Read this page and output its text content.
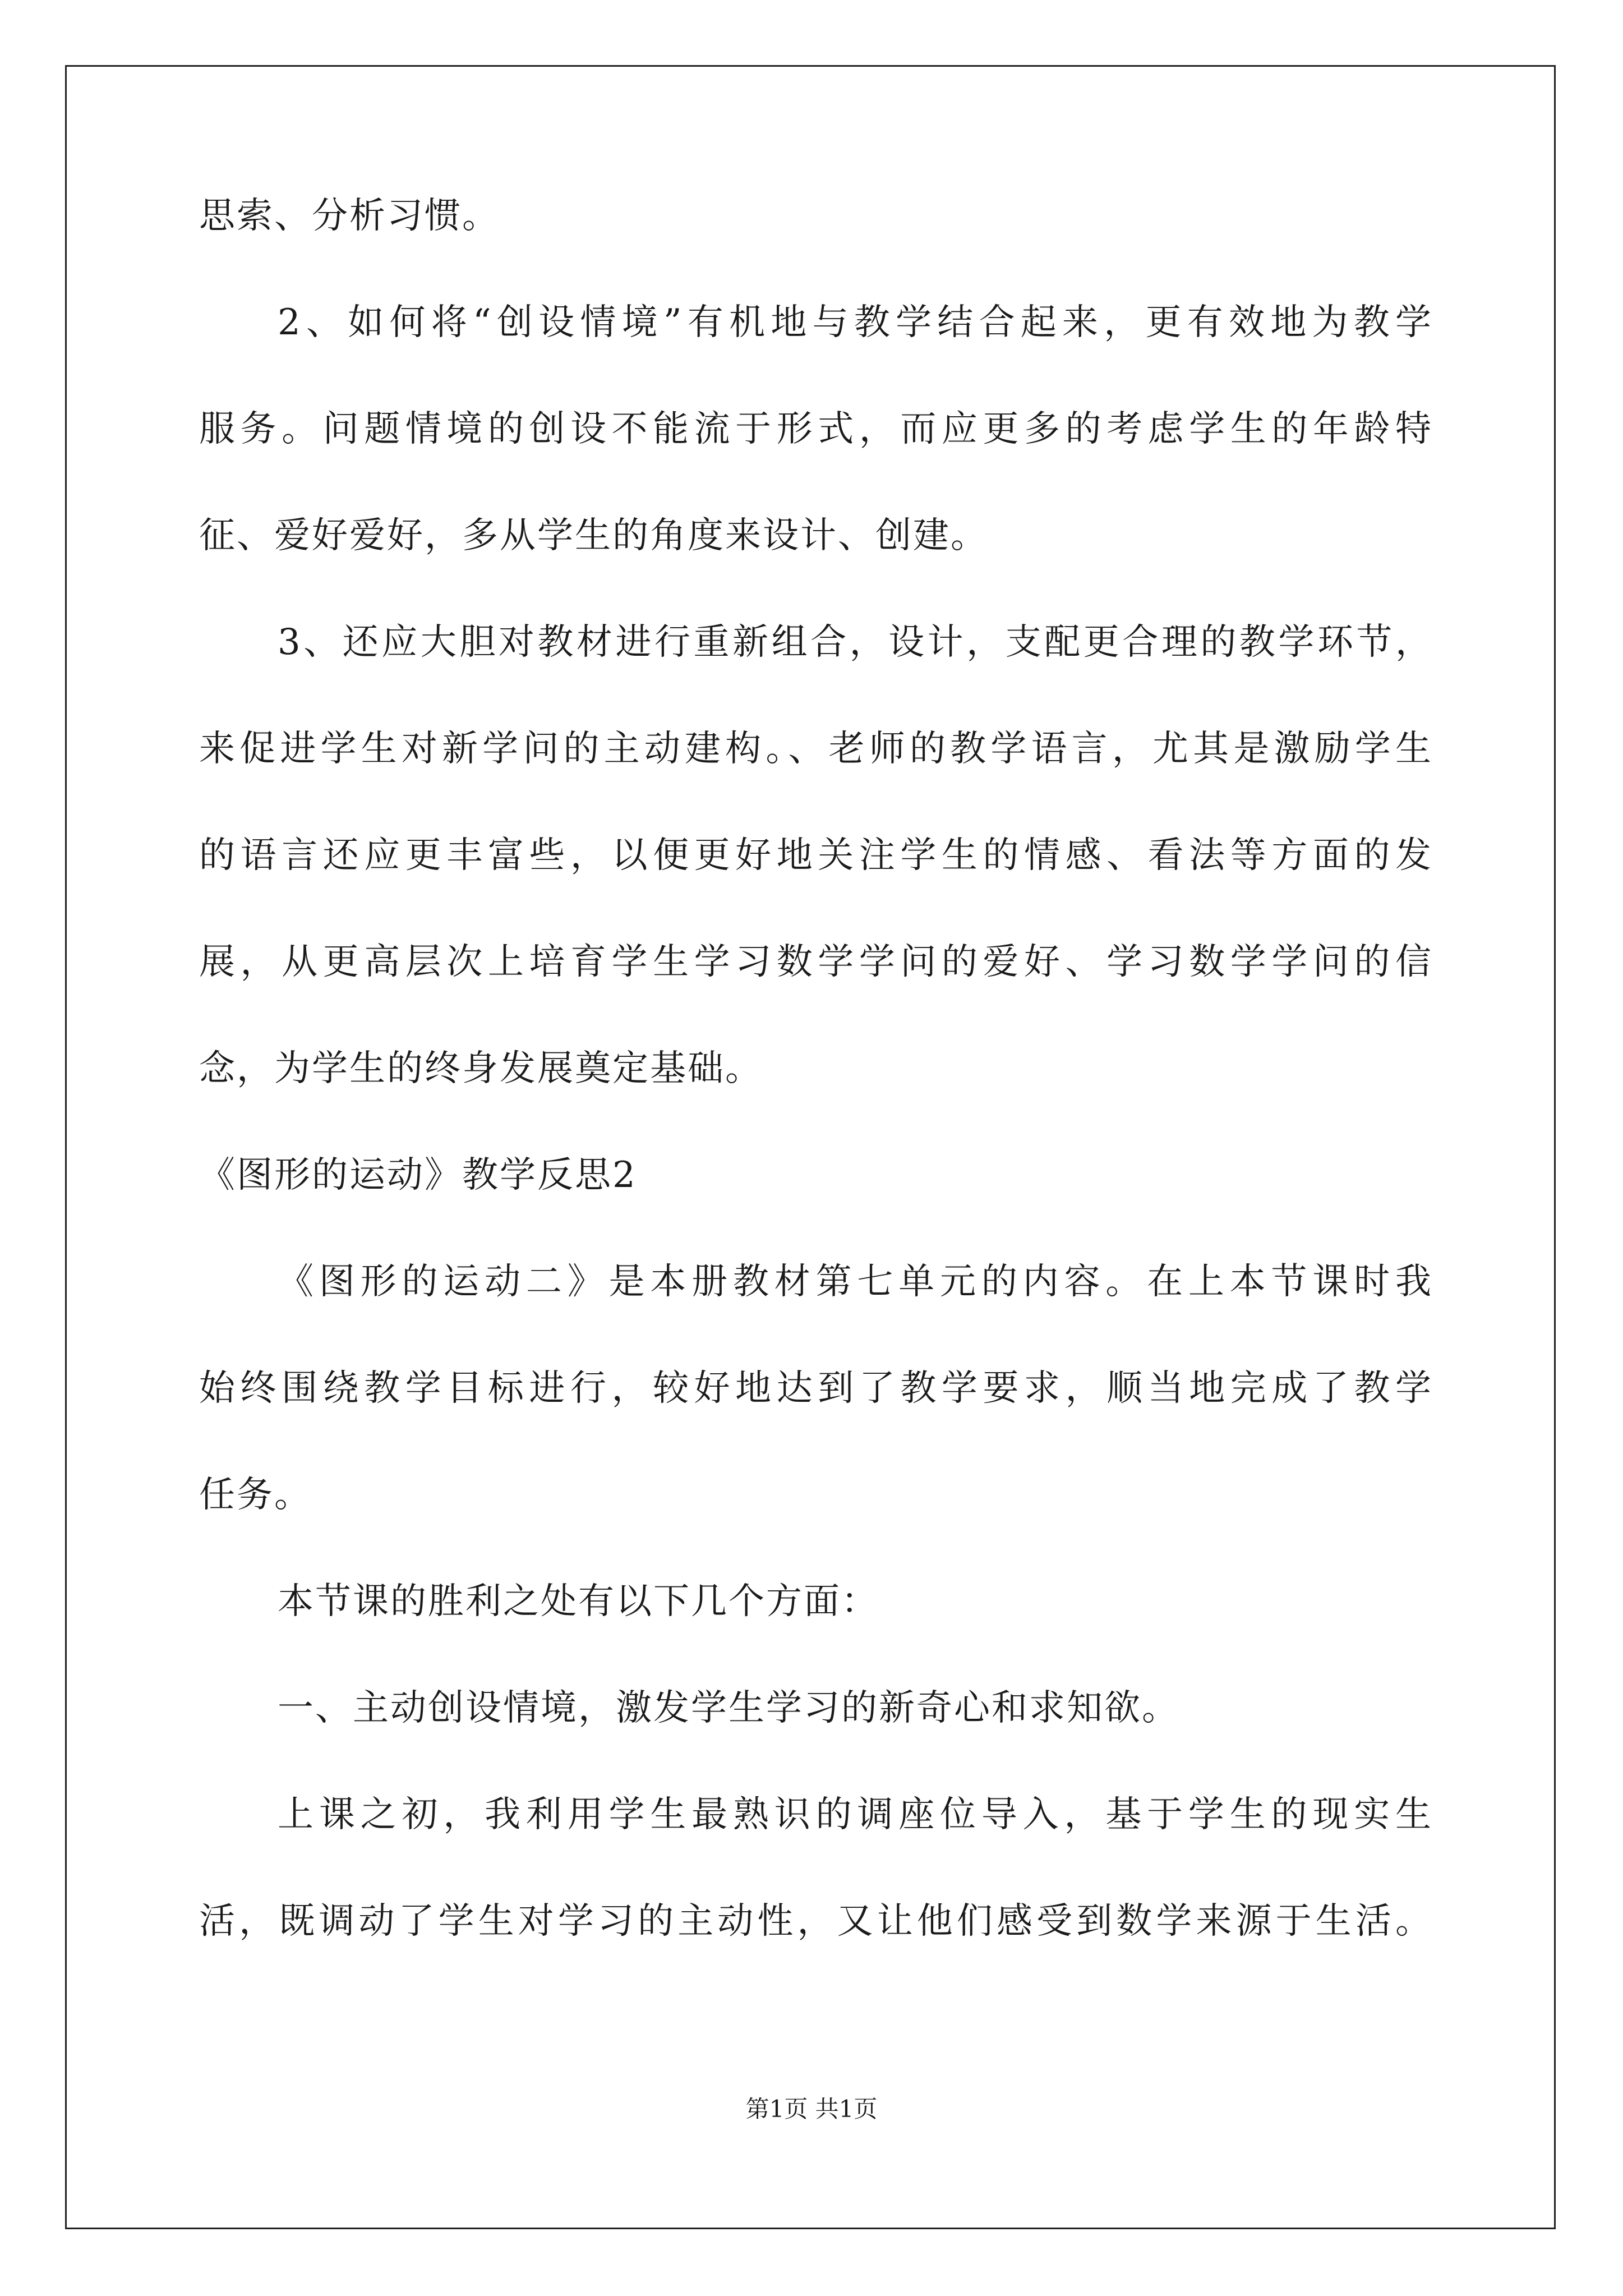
思索、分析习惯。
2、如何将“创设情境”有机地与教学结合起来，更有效地为教学
服务。问题情境的创设不能流于形式，而应更多的考虑学生的年龄特
征、爱好爱好，多从学生的角度来设计、创建。
3、还应大胆对教材进行重新组合，设计，支配更合理的教学环节，
来促进学生对新学问的主动建构。、老师的教学语言，尤其是激励学生
的语言还应更丰富些，以便更好地关注学生的情感、看法等方面的发
展，从更高层次上培育学生学习数学学问的爱好、学习数学学问的信
念，为学生的终身发展奠定基础。
《图形的运动》教学反思2
《图形的运动二》是本册教材第七单元的内容。在上本节课时我
始终围绕教学目标进行，较好地达到了教学要求，顺当地完成了教学
任务。
本节课的胜利之处有以下几个方面：
一、主动创设情境，激发学生学习的新奇心和求知欲。
上课之初，我利用学生最熟识的调座位导入，基于学生的现实生
活，既调动了学生对学习的主动性，又让他们感受到数学来源于生活。
第1页 共1页
